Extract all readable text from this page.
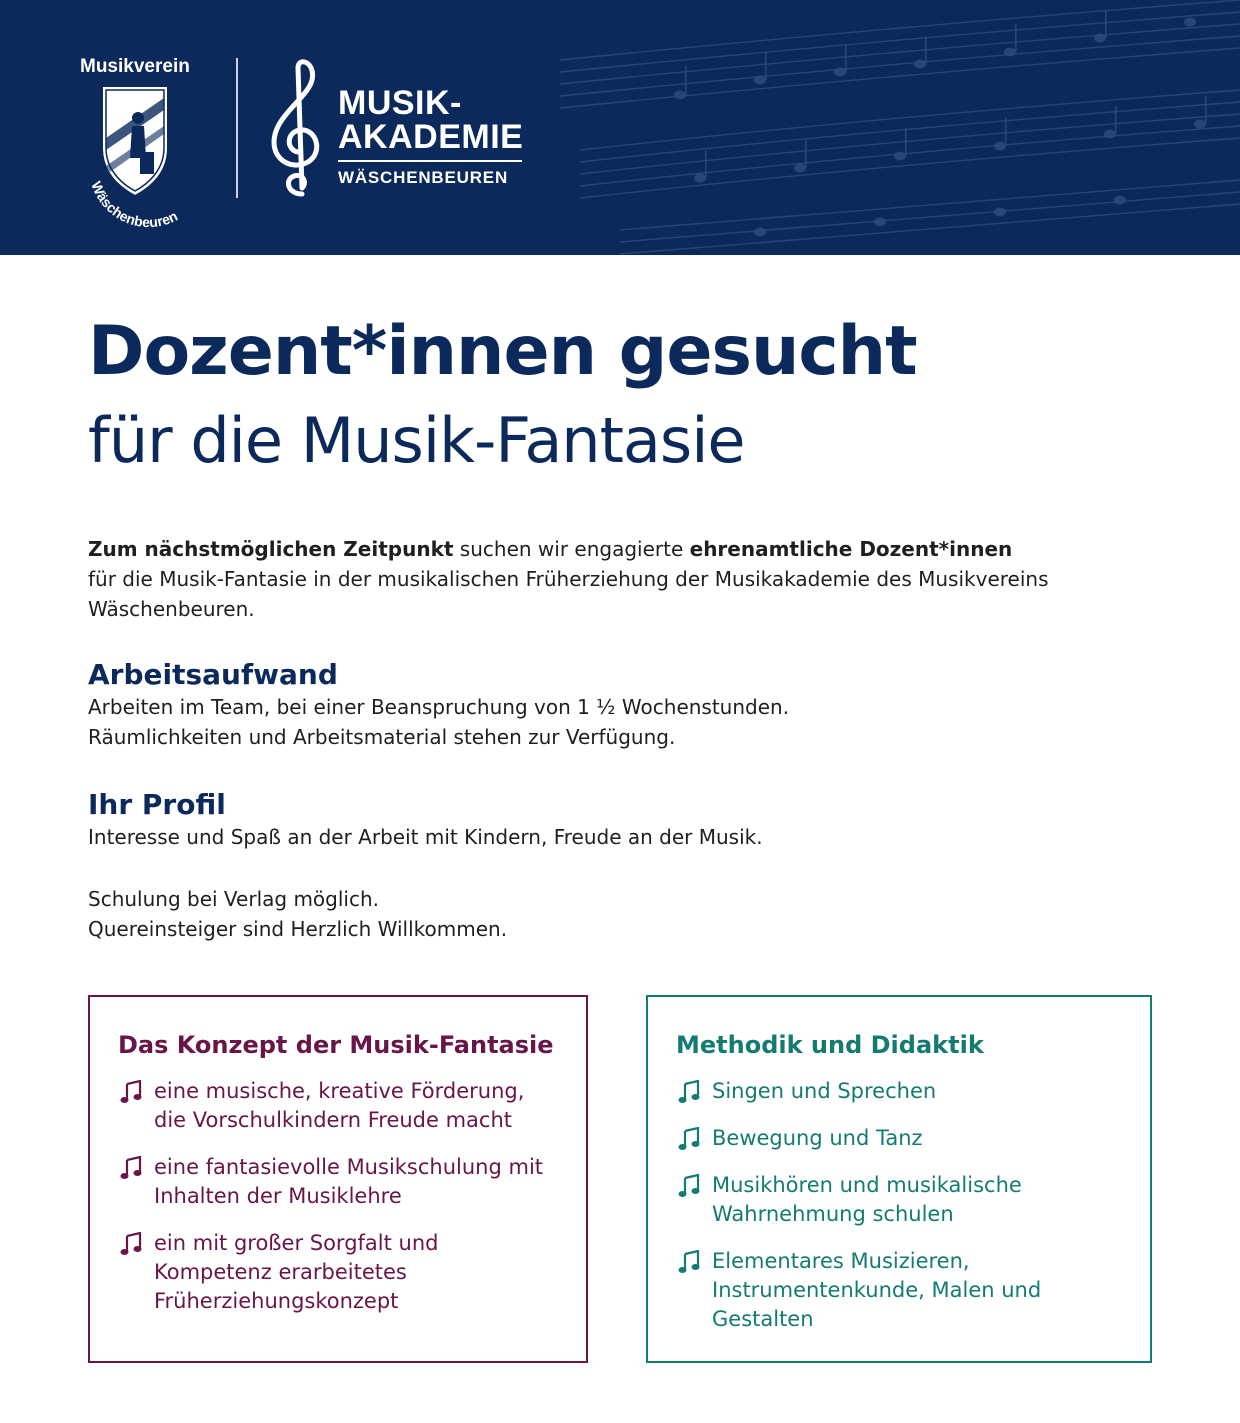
Musikverein
Wäschenbeuren
MUSIK-
AKADEMIE
WÄSCHENBEUREN
Dozent*innen gesucht

für die Musik-Fantasie

Zum nächstmöglichen Zeitpunkt suchen wir engagierte ehrenamtliche Dozent*innen
für die Musik-Fantasie in der musikalischen Früherziehung der Musikakademie des Musikvereins Wäschenbeuren.

Arbeitsaufwand
Arbeiten im Team, bei einer Beanspruchung von 1 ½ Wochenstunden.
Räumlichkeiten und Arbeitsmaterial stehen zur Verfügung.
Ihr Profil
Interesse und Spaß an der Arbeit mit Kindern, Freude an der Musik.
Schulung bei Verlag möglich.
Quereinsteiger sind Herzlich Willkommen.
Das Konzept der Musik-Fantasie
eine musische, kreative Förderung, die Vorschulkindern Freude macht
eine fantasievolle Musikschulung mit Inhalten der Musiklehre
ein mit großer Sorgfalt und Kompetenz erarbeitetes Früherziehungskonzept
Methodik und Didaktik
Singen und Sprechen
Bewegung und Tanz
Musikhören und musikalische Wahrnehmung schulen
Elementares Musizieren, Instrumentenkunde, Malen und Gestalten
